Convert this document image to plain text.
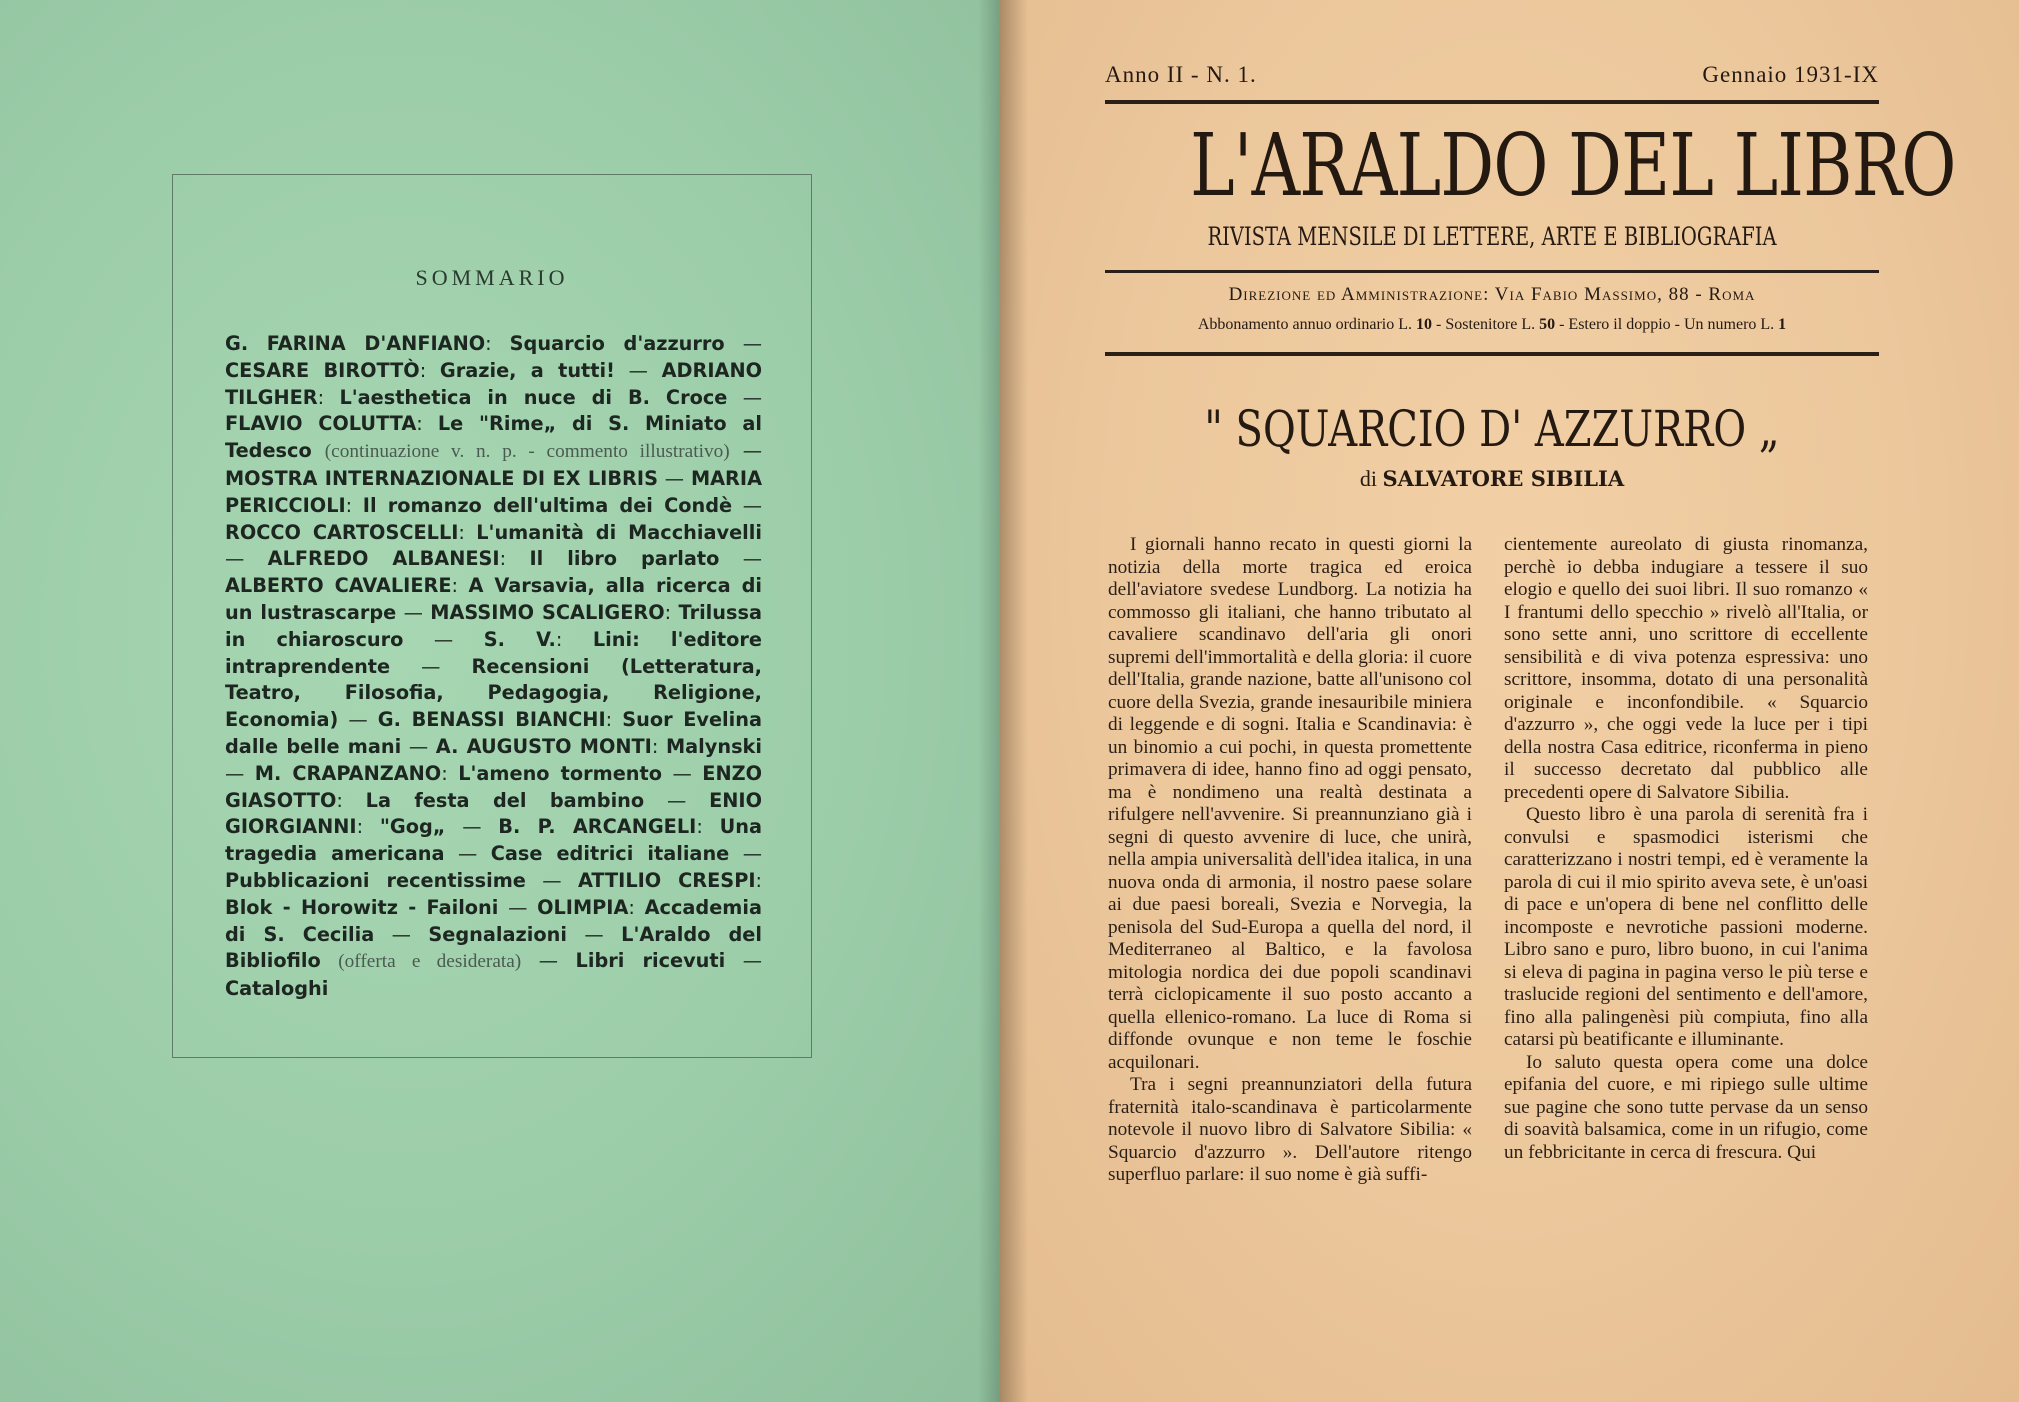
SOMMARIO
G. FARINA D'ANFIANO: Squarcio d'azzurro — CESARE BIROTTÒ: Grazie, a tutti! — ADRIANO TILGHER: L'aesthetica in nuce di B. Croce — FLAVIO COLUTTA: Le "Rime„ di S. Miniato al Tedesco (continuazione v. n. p. - commento illustrativo) — MOSTRA INTERNAZIONALE DI EX LIBRIS — MARIA PERICCIOLI: Il romanzo dell'ultima dei Condè — ROCCO CARTOSCELLI: L'umanità di Macchiavelli — ALFREDO ALBANESI: Il libro parlato — ALBERTO CAVALIERE: A Varsavia, alla ricerca di un lustrascarpe — MASSIMO SCALIGERO: Trilussa in chiaroscuro — S. V.: Lini: l'editore intraprendente — Recensioni (Letteratura, Teatro, Filosofia, Pedagogia, Religione, Economia) — G. BENASSI BIANCHI: Suor Evelina dalle belle mani — A. AUGUSTO MONTI: Malynski — M. CRAPANZANO: L'ameno tormento — ENZO GIASOTTO: La festa del bambino — ENIO GIORGIANNI: "Gog„ — B. P. ARCANGELI: Una tragedia americana — Case editrici italiane — Pubblicazioni recentissime — ATTILIO CRESPI: Blok - Horowitz - Failoni — OLIMPIA: Accademia di S. Cecilia — Segnalazioni — L'Araldo del Bibliofilo (offerta e desiderata) — Libri ricevuti — Cataloghi
Anno II - N. 1.	Gennaio 1931-IX
L'ARALDO DEL LIBRO
RIVISTA MENSILE DI LETTERE, ARTE E BIBLIOGRAFIA
Direzione ed Amministrazione: Via Fabio Massimo, 88 - Roma
Abbonamento annuo ordinario L. 10 - Sostenitore L. 50 - Estero il doppio - Un numero L. 1
" SQUARCIO D' AZZURRO „
di SALVATORE SIBILIA

I giornali hanno recato in questi giorni la notizia della morte tragica ed eroica dell'aviatore svedese Lundborg. La notizia ha commosso gli italiani, che hanno tributato al cavaliere scandinavo dell'aria gli onori supremi dell'immortalità e della gloria: il cuore dell'Italia, grande nazione, batte all'unisono col cuore della Svezia, grande inesauribile miniera di leggende e di sogni. Italia e Scandinavia: è un binomio a cui pochi, in questa promettente primavera di idee, hanno fino ad oggi pensato, ma è nondimeno una realtà destinata a rifulgere nell'avvenire. Si preannunziano già i segni di questo avvenire di luce, che unirà, nella ampia universalità dell'idea italica, in una nuova onda di armonia, il nostro paese solare ai due paesi boreali, Svezia e Norvegia, la penisola del Sud-Europa a quella del nord, il Mediterraneo al Baltico, e la favolosa mitologia nordica dei due popoli scandinavi terrà ciclopicamente il suo posto accanto a quella ellenico-romano. La luce di Roma si diffonde ovunque e non teme le foschie acquilonari.

Tra i segni preannunziatori della futura fraternità italo-scandinava è particolarmente notevole il nuovo libro di Salvatore Sibilia: « Squarcio d'azzurro ». Dell'autore ritengo superfluo parlare: il suo nome è già suffi-

cientemente aureolato di giusta rinomanza, perchè io debba indugiare a tessere il suo elogio e quello dei suoi libri. Il suo romanzo « I frantumi dello specchio » rivelò all'Italia, or sono sette anni, uno scrittore di eccellente sensibilità e di viva potenza espressiva: uno scrittore, insomma, dotato di una personalità originale e inconfondibile. « Squarcio d'azzurro », che oggi vede la luce per i tipi della nostra Casa editrice, riconferma in pieno il successo decretato dal pubblico alle precedenti opere di Salvatore Sibilia.

Questo libro è una parola di serenità fra i convulsi e spasmodici isterismi che caratterizzano i nostri tempi, ed è veramente la parola di cui il mio spirito aveva sete, è un'oasi di pace e un'opera di bene nel conflitto delle incomposte e nevrotiche passioni moderne. Libro sano e puro, libro buono, in cui l'anima si eleva di pagina in pagina verso le più terse e traslucide regioni del sentimento e dell'amore, fino alla palingenèsi più compiuta, fino alla catarsi pù beatificante e illuminante.

Io saluto questa opera come una dolce epifania del cuore, e mi ripiego sulle ultime sue pagine che sono tutte pervase da un senso di soavità balsamica, come in un rifugio, come un febbricitante in cerca di frescura. Qui
